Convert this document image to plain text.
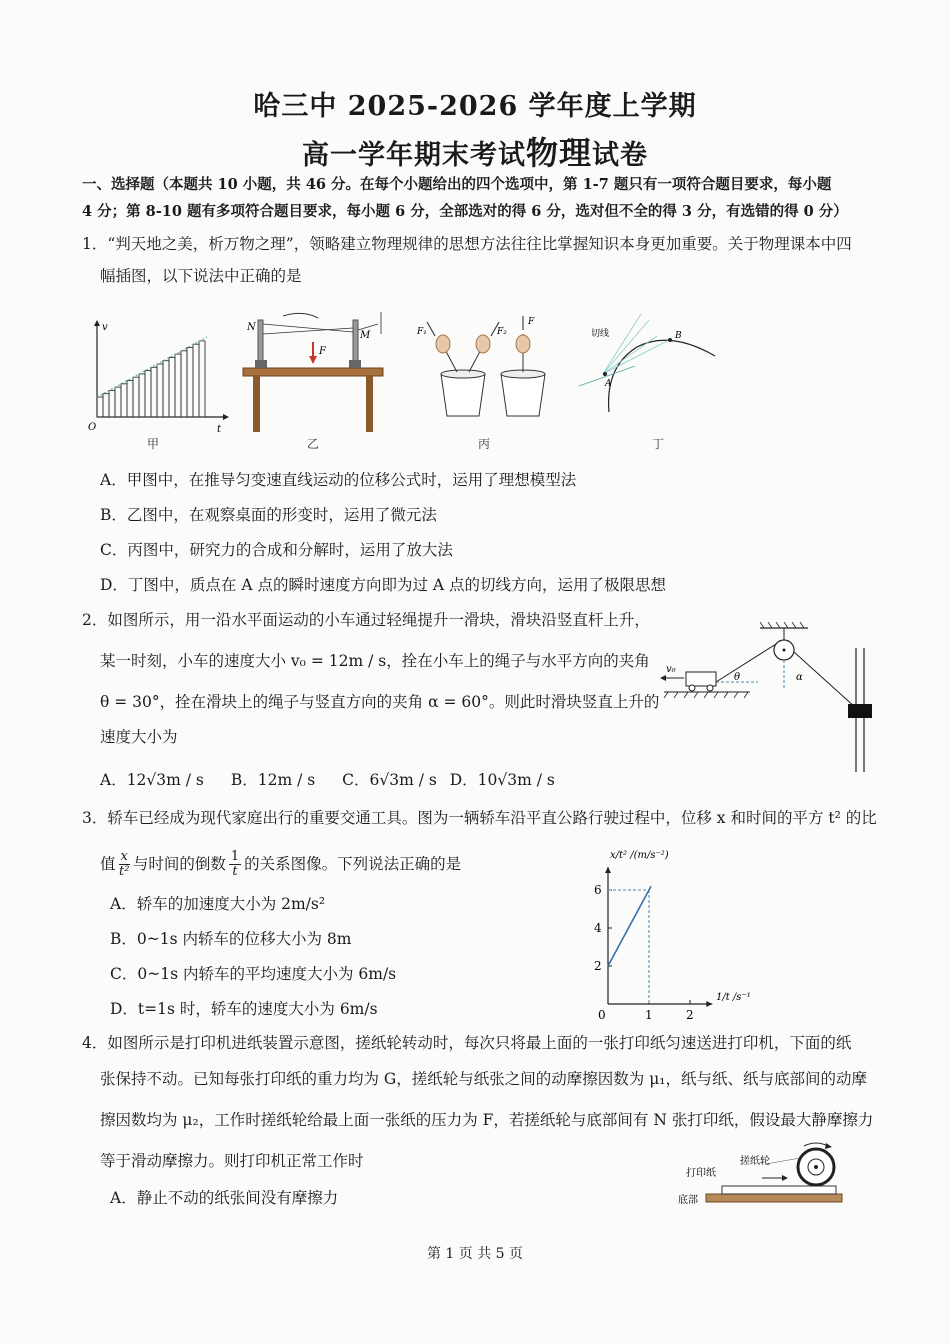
哈三中 2025-2026 学年度上学期
高一学年期末考试物理试卷
一、选择题（本题共 10 小题，共 46 分。在每个小题给出的四个选项中，第 1-7 题只有一项符合题目要求，每小题
4 分；第 8-10 题有多项符合题目要求，每小题 6 分，全部选对的得 6 分，选对但不全的得 3 分，有选错的得 0 分）
1．“判天地之美，析万物之理”，领略建立物理规律的思想方法往往比掌握知识本身更加重要。关于物理课本中四
幅插图，以下说法中正确的是
v
t
O
N
M
F
F₁	F₂
F
切线
A
B
甲	乙	丙	丁
A．甲图中，在推导匀变速直线运动的位移公式时，运用了理想模型法
B．乙图中，在观察桌面的形变时，运用了微元法
C．丙图中，研究力的合成和分解时，运用了放大法
D．丁图中，质点在 A 点的瞬时速度方向即为过 A 点的切线方向，运用了极限思想
2．如图所示，用一沿水平面运动的小车通过轻绳提升一滑块，滑块沿竖直杆上升，
某一时刻，小车的速度大小 v₀ = 12m / s，拴在小车上的绳子与水平方向的夹角
θ = 30°，拴在滑块上的绳子与竖直方向的夹角 α = 60°。则此时滑块竖直上升的
速度大小为
v₀
θ	α
A．12√3m / s B．12m / s C．6√3m / s D．10√3m / s
3．轿车已经成为现代家庭出行的重要交通工具。图为一辆轿车沿平直公路行驶过程中，位移 x 和时间的平方 t² 的比
值 $\frac{x}{\text{t²}}$ 与时间的倒数 $\frac{1}{t}$ 的关系图像。下列说法正确的是
A．轿车的加速度大小为 2m/s²
B．0~1s 内轿车的位移大小为 8m
C．0~1s 内轿车的平均速度大小为 6m/s
D．t=1s 时，轿车的速度大小为 6m/s
2
4
6
0	1	2
x/t² /(m/s⁻²)
1/t /s⁻¹
4．如图所示是打印机进纸装置示意图，搓纸轮转动时，每次只将最上面的一张打印纸匀速送进打印机，下面的纸
张保持不动。已知每张打印纸的重力均为 G，搓纸轮与纸张之间的动摩擦因数为 μ₁，纸与纸、纸与底部间的动摩
擦因数均为 μ₂，工作时搓纸轮给最上面一张纸的压力为 F，若搓纸轮与底部间有 N 张打印纸，假设最大静摩擦力
等于滑动摩擦力。则打印机正常工作时
A．静止不动的纸张间没有摩擦力
搓纸轮
打印纸
底部
第 1 页 共 5 页
